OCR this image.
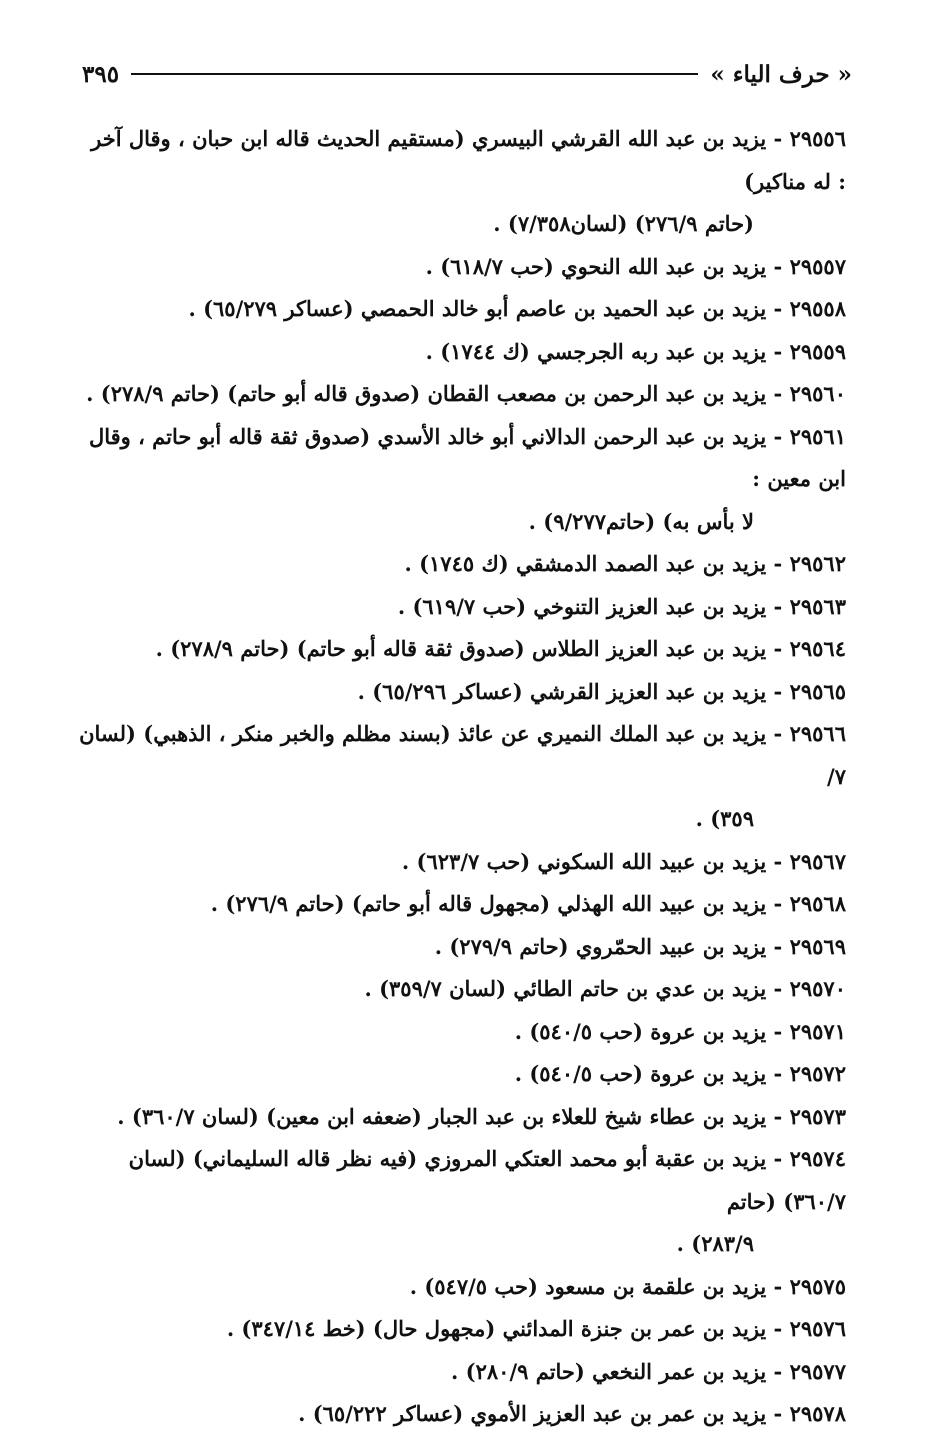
« حرف الياء »
٣٩٥
٢٩٥٥٦ - يزيد بن عبد الله القرشي البيسري (مستقيم الحديث قاله ابن حبان ، وقال آخر : له مناكير)
(حاتم ٢٧٦/٩) (لسان٧/٣٥٨) .
٢٩٥٥٧ - يزيد بن عبد الله النحوي (حب ٦١٨/٧) .
٢٩٥٥٨ - يزيد بن عبد الحميد بن عاصم أبو خالد الحمصي (عساكر ٦٥/٢٧٩) .
٢٩٥٥٩ - يزيد بن عبد ربه الجرجسي (ك ١٧٤٤) .
٢٩٥٦٠ - يزيد بن عبد الرحمن بن مصعب القطان (صدوق قاله أبو حاتم) (حاتم ٢٧٨/٩) .
٢٩٥٦١ - يزيد بن عبد الرحمن الدالاني أبو خالد الأسدي (صدوق ثقة قاله أبو حاتم ، وقال ابن معين :
لا بأس به) (حاتم٩/٢٧٧) .
٢٩٥٦٢ - يزيد بن عبد الصمد الدمشقي (ك ١٧٤٥) .
٢٩٥٦٣ - يزيد بن عبد العزيز التنوخي (حب ٦١٩/٧) .
٢٩٥٦٤ - يزيد بن عبد العزيز الطلاس (صدوق ثقة قاله أبو حاتم) (حاتم ٢٧٨/٩) .
٢٩٥٦٥ - يزيد بن عبد العزيز القرشي (عساكر ٦٥/٢٩٦) .
٢٩٥٦٦ - يزيد بن عبد الملك النميري عن عائذ (بسند مظلم والخبر منكر ، الذهبي) (لسان ٧/
٣٥٩) .
٢٩٥٦٧ - يزيد بن عبيد الله السكوني (حب ٦٢٣/٧) .
٢٩٥٦٨ - يزيد بن عبيد الله الهذلي (مجهول قاله أبو حاتم) (حاتم ٢٧٦/٩) .
٢٩٥٦٩ - يزيد بن عبيد الحمّروي (حاتم ٢٧٩/٩) .
٢٩٥٧٠ - يزيد بن عدي بن حاتم الطائي (لسان ٣٥٩/٧) .
٢٩٥٧١ - يزيد بن عروة (حب ٥٤٠/٥) .
٢٩٥٧٢ - يزيد بن عروة (حب ٥٤٠/٥) .
٢٩٥٧٣ - يزيد بن عطاء شيخ للعلاء بن عبد الجبار (ضعفه ابن معين) (لسان ٣٦٠/٧) .
٢٩٥٧٤ - يزيد بن عقبة أبو محمد العتكي المروزي (فيه نظر قاله السليماني) (لسان ٣٦٠/٧) (حاتم
٢٨٣/٩) .
٢٩٥٧٥ - يزيد بن علقمة بن مسعود (حب ٥٤٧/٥) .
٢٩٥٧٦ - يزيد بن عمر بن جنزة المدائني (مجهول حال) (خط ٣٤٧/١٤) .
٢٩٥٧٧ - يزيد بن عمر النخعي (حاتم ٢٨٠/٩) .
٢٩٥٧٨ - يزيد بن عمر بن عبد العزيز الأموي (عساكر ٦٥/٢٢٢) .
